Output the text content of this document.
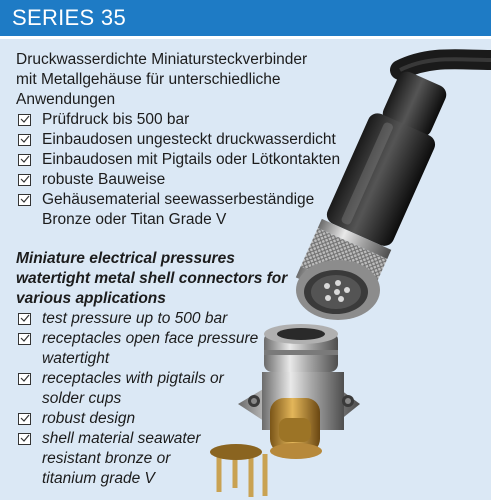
SERIES 35

Druckwasserdichte Miniatursteckverbinder
mit Metallgehäuse für unterschiedliche
Anwendungen

Prüfdruck bis 500 bar
Einbaudosen ungesteckt druckwasserdicht
Einbaudosen mit Pigtails oder Lötkontakten
robuste Bauweise
Gehäusematerial seewasserbeständige
Bronze oder Titan Grade V

Miniature electrical pressures
watertight metal shell connectors for
various applications

test pressure up to 500 bar
receptacles open face pressure
watertight
receptacles with pigtails or
solder cups
robust design
shell material seawater
resistant bronze or
titanium grade V
